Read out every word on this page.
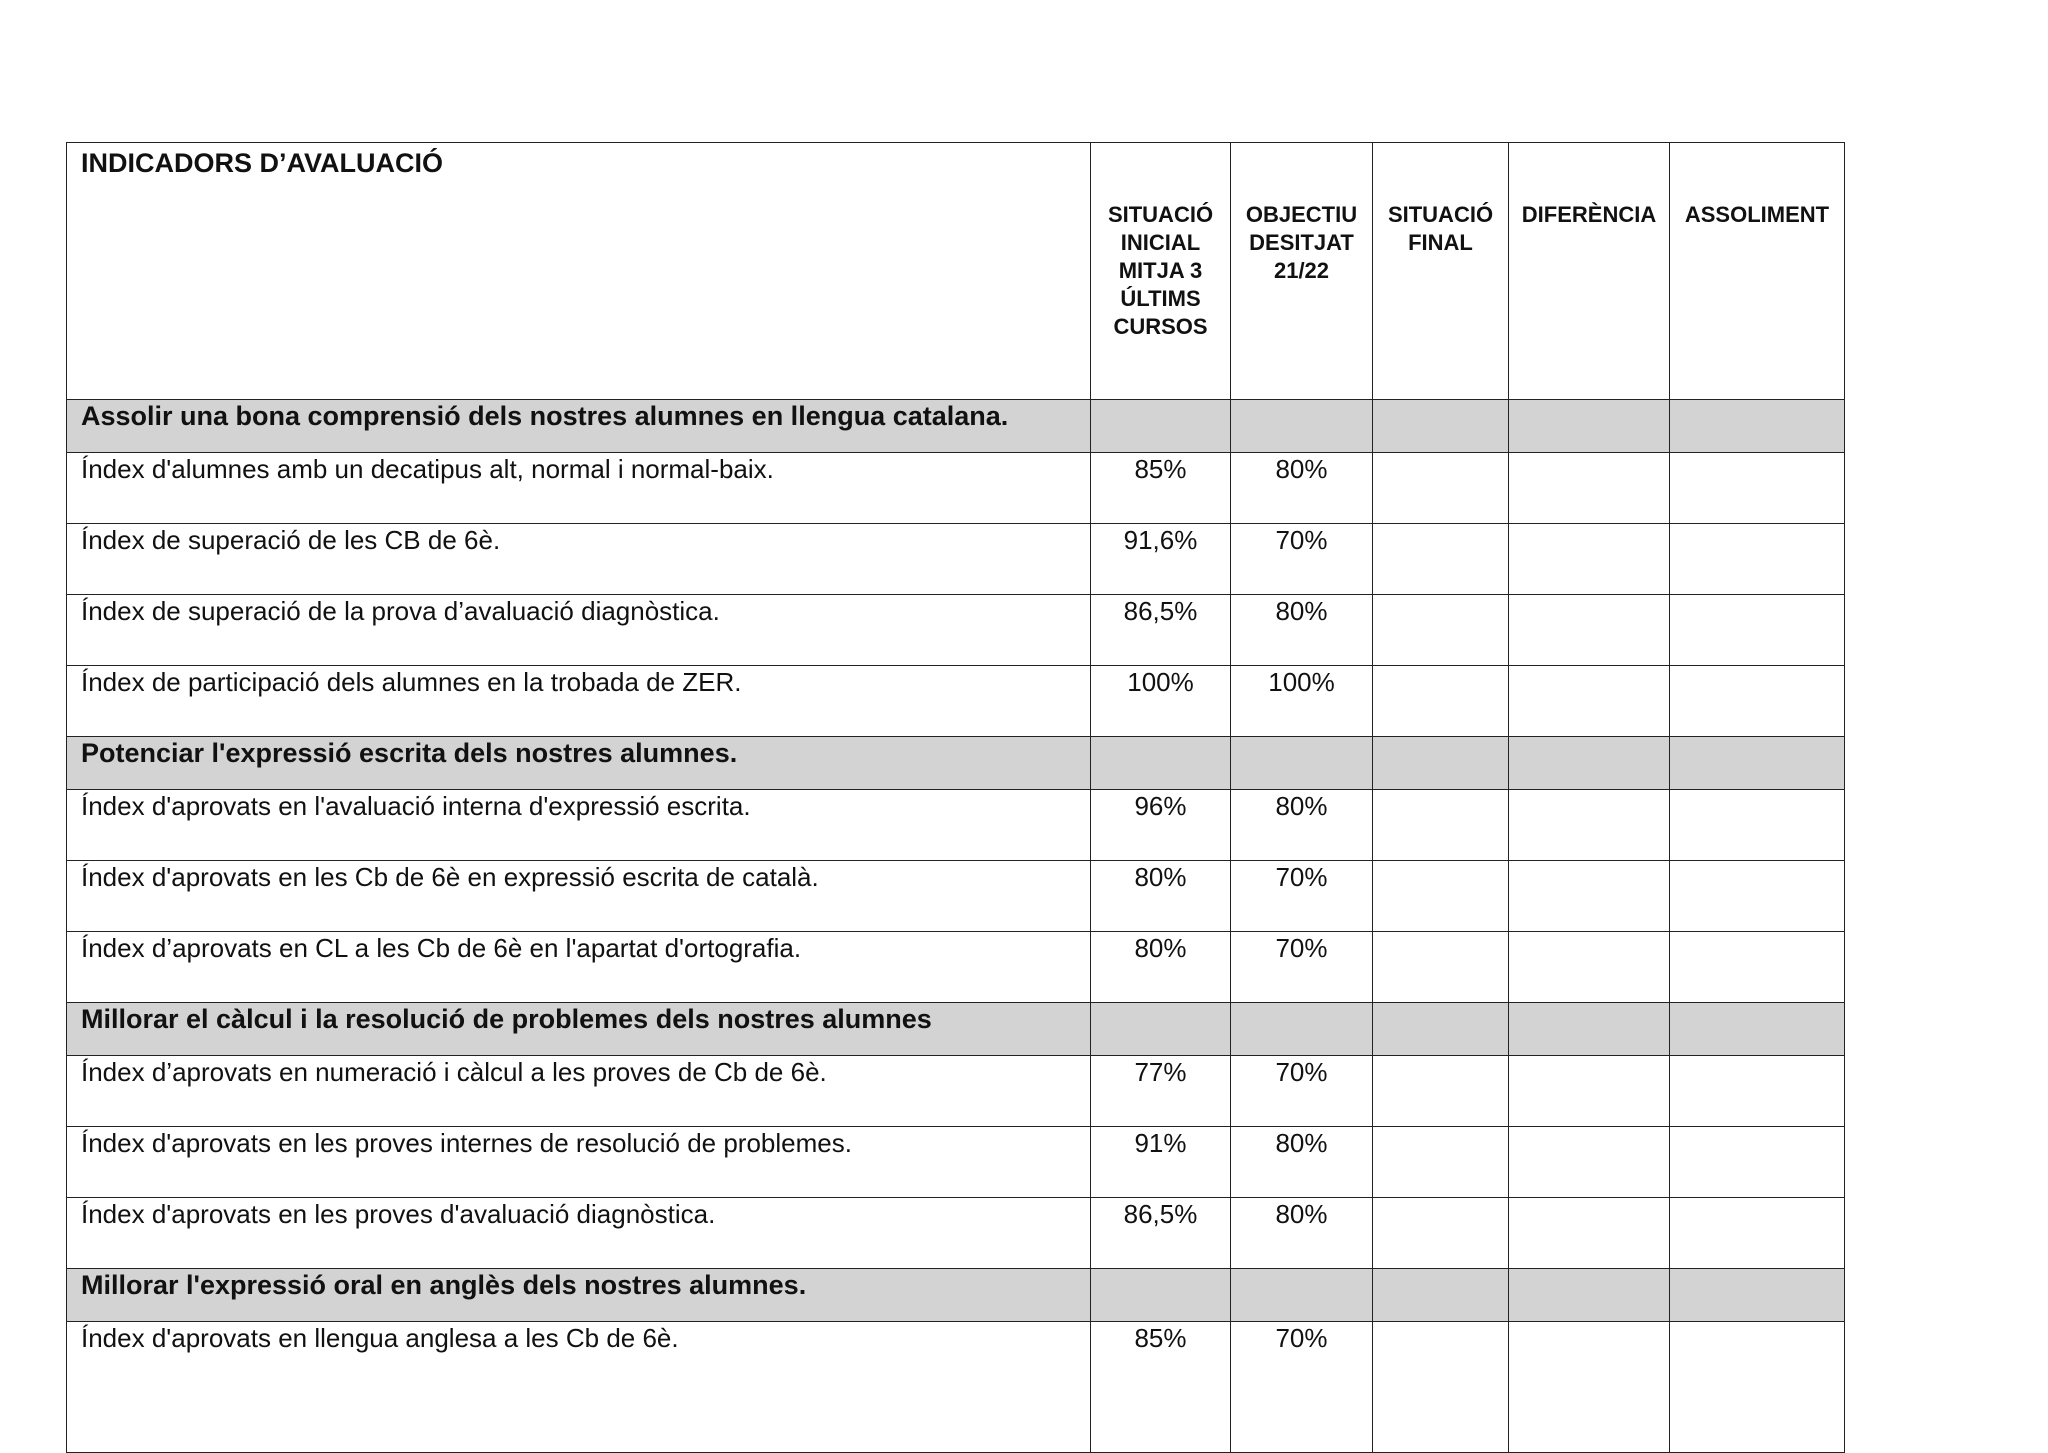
INDICADORS D’AVALUACIÓ	SITUACIÓ
INICIAL
MITJA 3
ÚLTIMS
CURSOS	OBJECTIU
DESITJAT
21/22	SITUACIÓ
FINAL	DIFERÈNCIA	ASSOLIMENT
Assolir una bona comprensió dels nostres alumnes en llengua catalana.					
Índex d'alumnes amb un decatipus alt, normal i normal-baix.	85%	80%			
Índex de superació de les CB de 6è.	91,6%	70%			
Índex de superació de la prova d’avaluació diagnòstica.	86,5%	80%			
Índex de participació dels alumnes en la trobada de ZER.	100%	100%			
Potenciar l'expressió escrita dels nostres alumnes.					
Índex d'aprovats en l'avaluació interna d'expressió escrita.	96%	80%			
Índex d'aprovats en les Cb de 6è en expressió escrita de català.	80%	70%			
Índex d’aprovats en CL a les Cb de 6è en l'apartat d'ortografia.	80%	70%			
Millorar el càlcul i la resolució de problemes dels nostres alumnes					
Índex d’aprovats en numeració i càlcul a les proves de Cb de 6è.	77%	70%			
Índex d'aprovats en les proves internes de resolució de problemes.	91%	80%			
Índex d'aprovats en les proves d'avaluació diagnòstica.	86,5%	80%			
Millorar l'expressió oral en anglès dels nostres alumnes.					
Índex d'aprovats en llengua anglesa a les Cb de 6è.	85%	70%			
